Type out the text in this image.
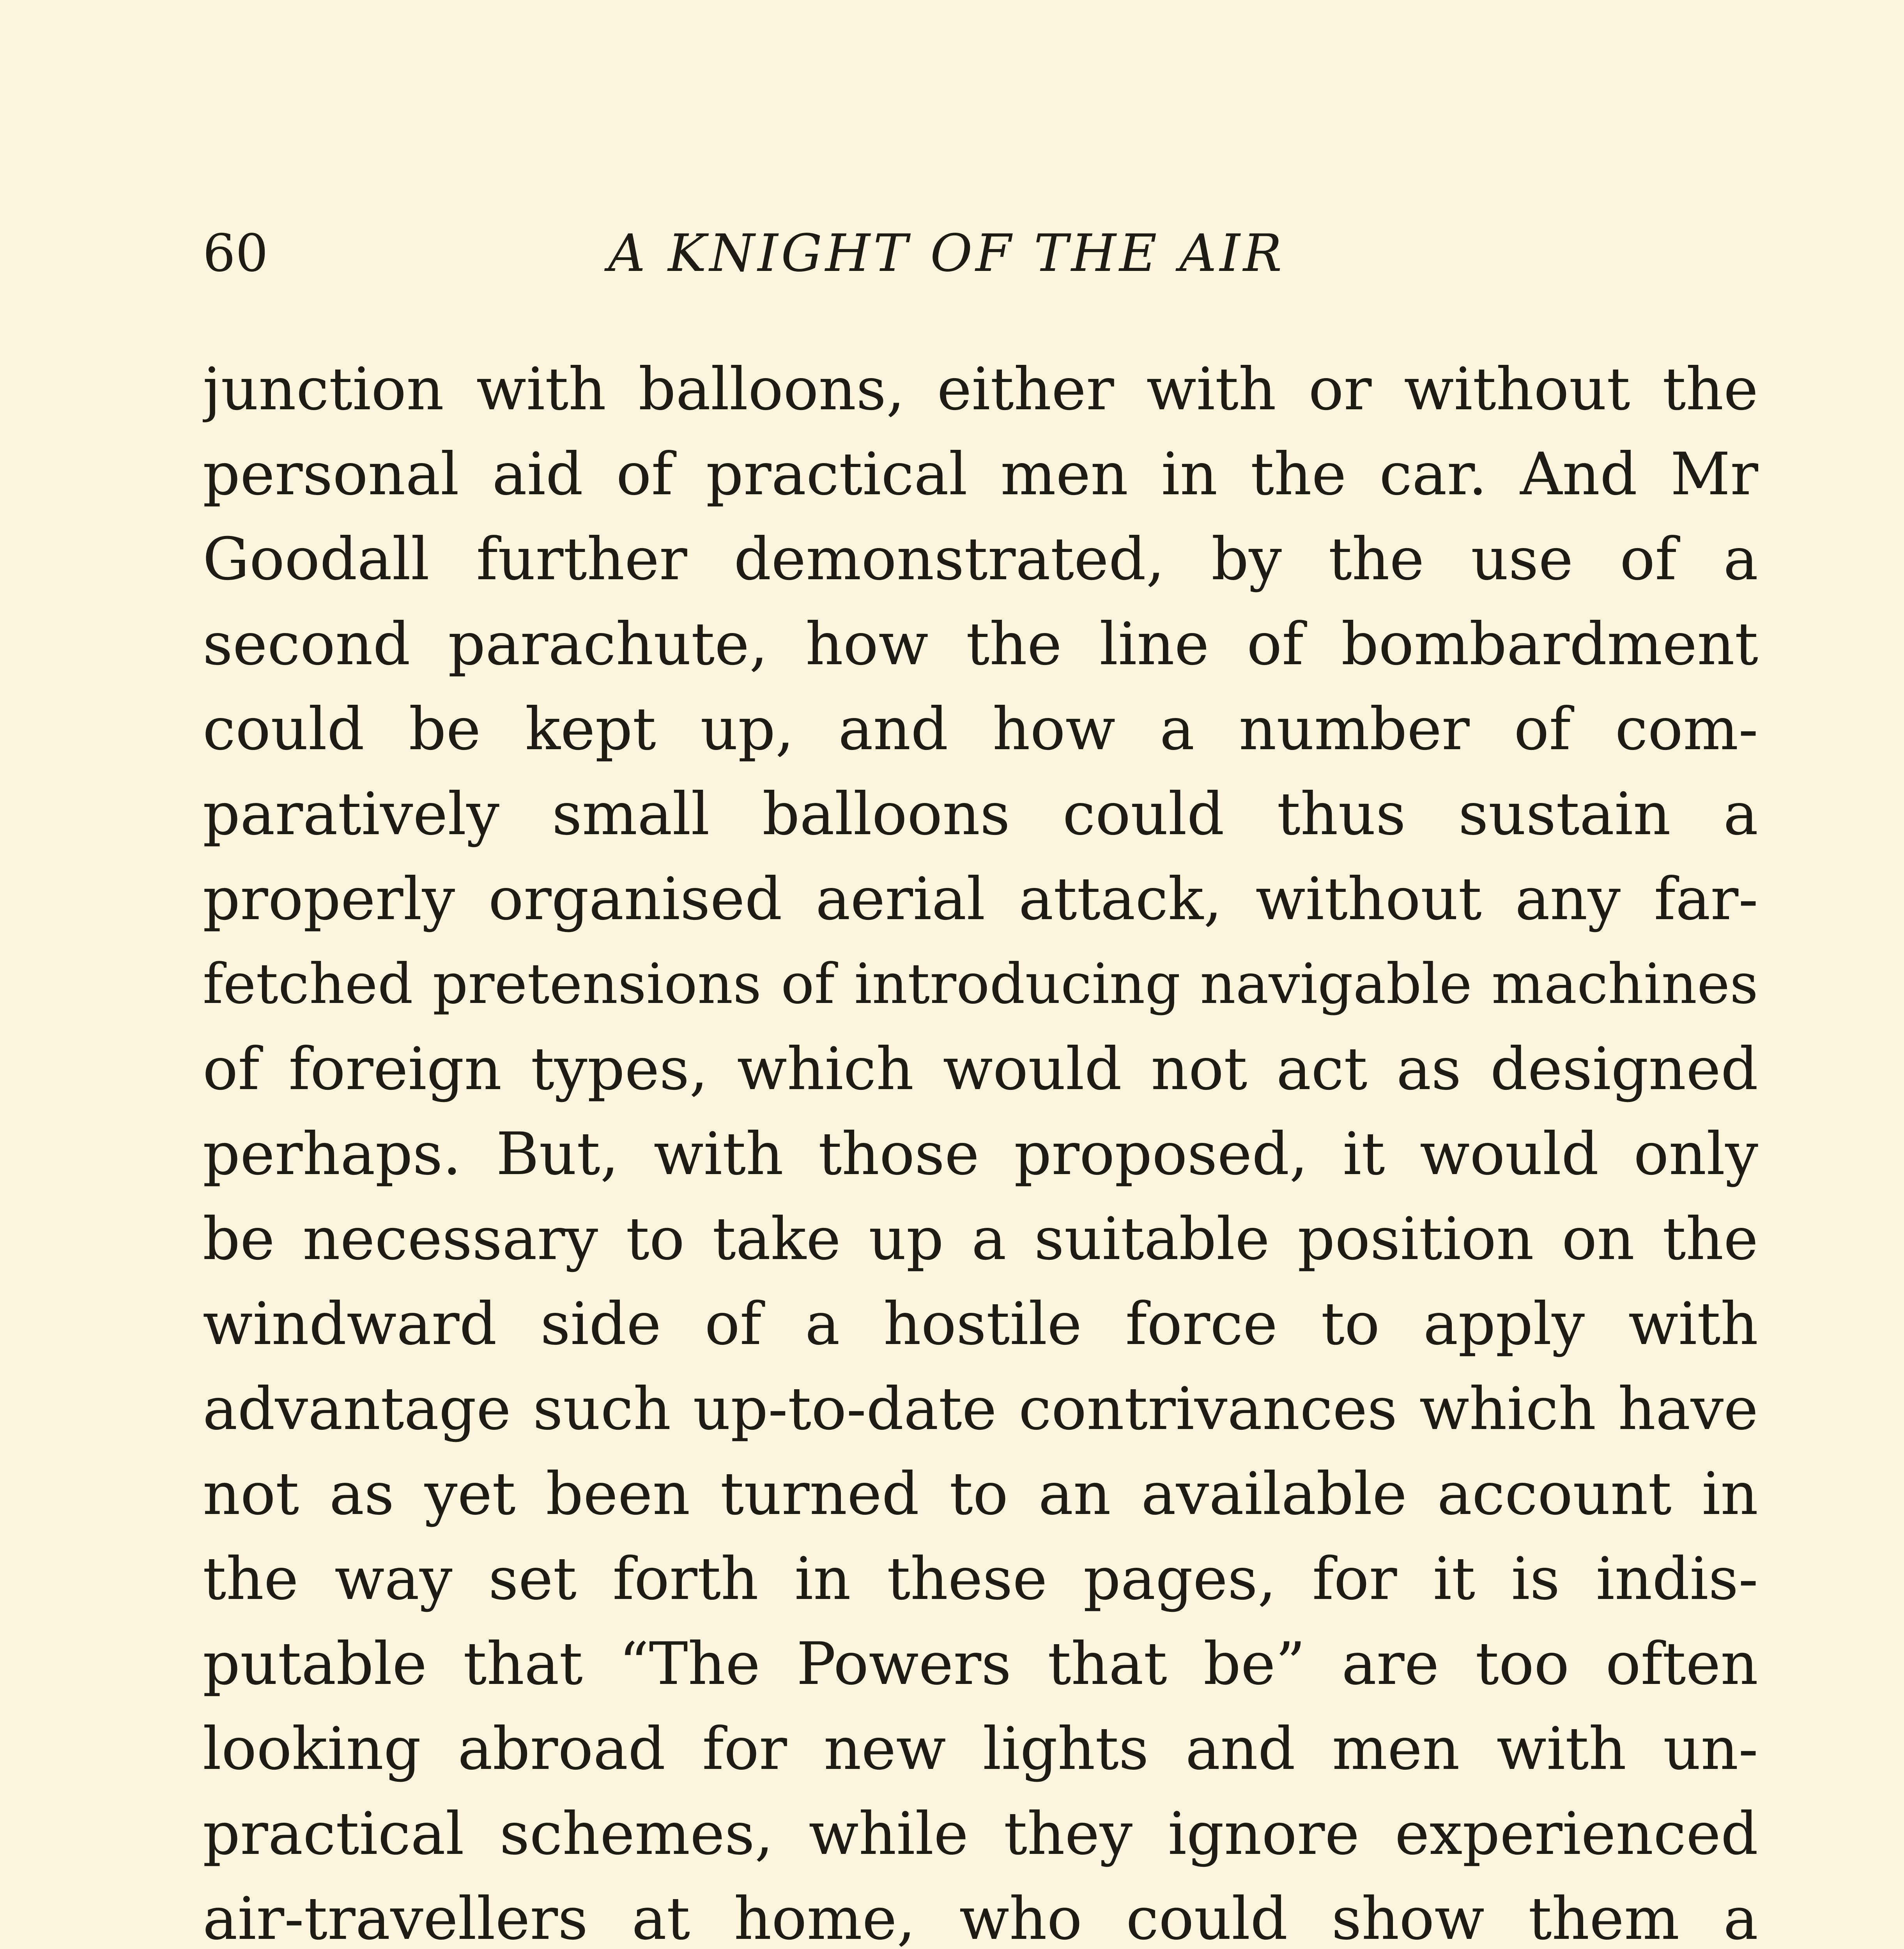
60	A KNIGHT OF THE AIR
junction with balloons, either with or without the
personal aid of practical men in the car. And Mr
Goodall further demonstrated, by the use of a
second parachute, how the line of bombardment
could be kept up, and how a number of com-
paratively small balloons could thus sustain a
properly organised aerial attack, without any far-
fetched pretensions of introducing navigable machines
of foreign types, which would not act as designed
perhaps. But, with those proposed, it would only
be necessary to take up a suitable position on the
windward side of a hostile force to apply with
advantage such up-to-date contrivances which have
not as yet been turned to an available account in
the way set forth in these pages, for it is indis-
putable that “The Powers that be” are too often
looking abroad for new lights and men with un-
practical schemes, while they ignore experienced
air-travellers at home, who could show them a
